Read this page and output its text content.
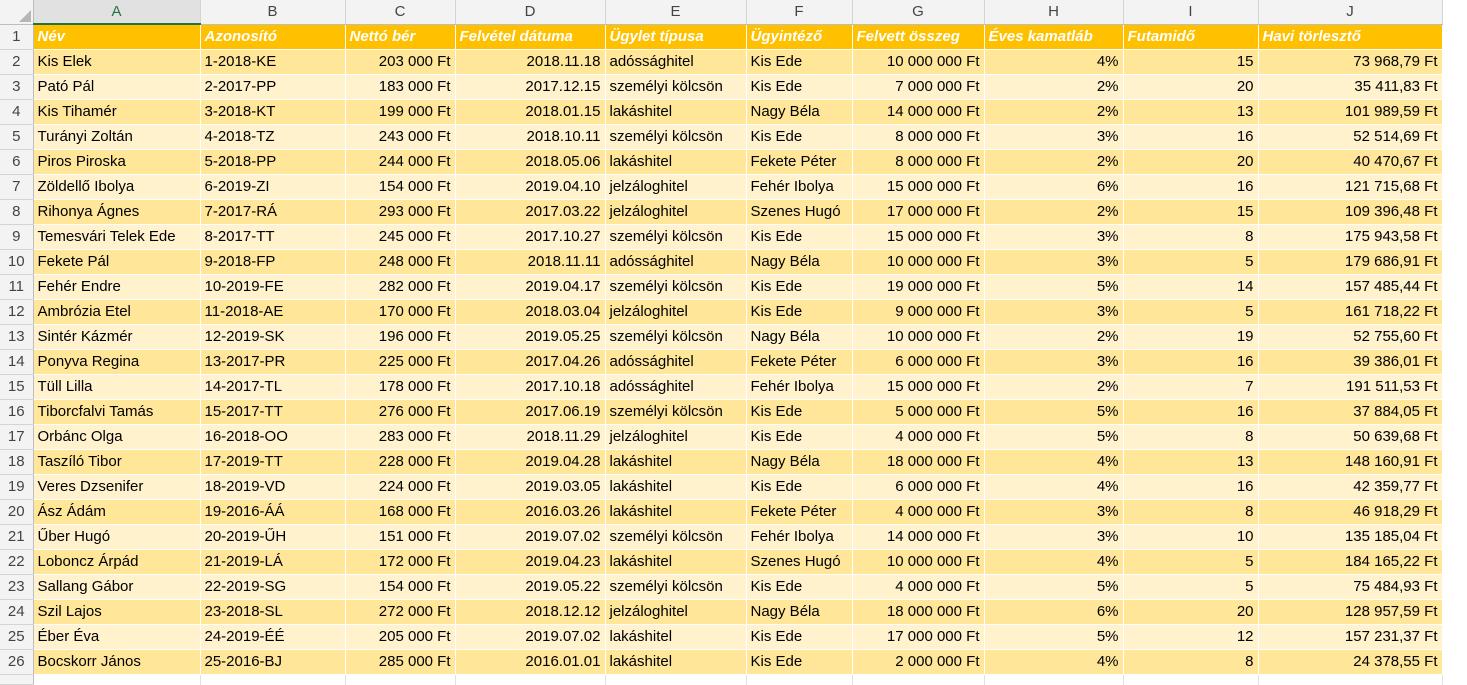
	A	B	C	D	E	F	G	H	I	J
1	Név	Azonosító	Nettó bér	Felvétel dátuma	Ügylet típusa	Ügyintéző	Felvett összeg	Éves kamatláb	Futamidő	Havi törlesztő
2	Kis Elek	1-2018-KE	203 000 Ft	2018.11.18	adóssághitel	Kis Ede	10 000 000 Ft	4%	15	73 968,79 Ft
3	Pató Pál	2-2017-PP	183 000 Ft	2017.12.15	személyi kölcsön	Kis Ede	7 000 000 Ft	2%	20	35 411,83 Ft
4	Kis Tihamér	3-2018-KT	199 000 Ft	2018.01.15	lakáshitel	Nagy Béla	14 000 000 Ft	2%	13	101 989,59 Ft
5	Turányi Zoltán	4-2018-TZ	243 000 Ft	2018.10.11	személyi kölcsön	Kis Ede	8 000 000 Ft	3%	16	52 514,69 Ft
6	Piros Piroska	5-2018-PP	244 000 Ft	2018.05.06	lakáshitel	Fekete Péter	8 000 000 Ft	2%	20	40 470,67 Ft
7	Zöldellő Ibolya	6-2019-ZI	154 000 Ft	2019.04.10	jelzáloghitel	Fehér Ibolya	15 000 000 Ft	6%	16	121 715,68 Ft
8	Rihonya Ágnes	7-2017-RÁ	293 000 Ft	2017.03.22	jelzáloghitel	Szenes Hugó	17 000 000 Ft	2%	15	109 396,48 Ft
9	Temesvári Telek Ede	8-2017-TT	245 000 Ft	2017.10.27	személyi kölcsön	Kis Ede	15 000 000 Ft	3%	8	175 943,58 Ft
10	Fekete Pál	9-2018-FP	248 000 Ft	2018.11.11	adóssághitel	Nagy Béla	10 000 000 Ft	3%	5	179 686,91 Ft
11	Fehér Endre	10-2019-FE	282 000 Ft	2019.04.17	személyi kölcsön	Kis Ede	19 000 000 Ft	5%	14	157 485,44 Ft
12	Ambrózia Etel	11-2018-AE	170 000 Ft	2018.03.04	jelzáloghitel	Kis Ede	9 000 000 Ft	3%	5	161 718,22 Ft
13	Sintér Kázmér	12-2019-SK	196 000 Ft	2019.05.25	személyi kölcsön	Nagy Béla	10 000 000 Ft	2%	19	52 755,60 Ft
14	Ponyva Regina	13-2017-PR	225 000 Ft	2017.04.26	adóssághitel	Fekete Péter	6 000 000 Ft	3%	16	39 386,01 Ft
15	Tüll Lilla	14-2017-TL	178 000 Ft	2017.10.18	adóssághitel	Fehér Ibolya	15 000 000 Ft	2%	7	191 511,53 Ft
16	Tiborcfalvi Tamás	15-2017-TT	276 000 Ft	2017.06.19	személyi kölcsön	Kis Ede	5 000 000 Ft	5%	16	37 884,05 Ft
17	Orbánc Olga	16-2018-OO	283 000 Ft	2018.11.29	jelzáloghitel	Kis Ede	4 000 000 Ft	5%	8	50 639,68 Ft
18	Taszíló Tibor	17-2019-TT	228 000 Ft	2019.04.28	lakáshitel	Nagy Béla	18 000 000 Ft	4%	13	148 160,91 Ft
19	Veres Dzsenifer	18-2019-VD	224 000 Ft	2019.03.05	lakáshitel	Kis Ede	6 000 000 Ft	4%	16	42 359,77 Ft
20	Ász Ádám	19-2016-ÁÁ	168 000 Ft	2016.03.26	lakáshitel	Fekete Péter	4 000 000 Ft	3%	8	46 918,29 Ft
21	Űber Hugó	20-2019-ŰH	151 000 Ft	2019.07.02	személyi kölcsön	Fehér Ibolya	14 000 000 Ft	3%	10	135 185,04 Ft
22	Loboncz Árpád	21-2019-LÁ	172 000 Ft	2019.04.23	lakáshitel	Szenes Hugó	10 000 000 Ft	4%	5	184 165,22 Ft
23	Sallang Gábor	22-2019-SG	154 000 Ft	2019.05.22	személyi kölcsön	Kis Ede	4 000 000 Ft	5%	5	75 484,93 Ft
24	Szil Lajos	23-2018-SL	272 000 Ft	2018.12.12	jelzáloghitel	Nagy Béla	18 000 000 Ft	6%	20	128 957,59 Ft
25	Éber Éva	24-2019-ÉÉ	205 000 Ft	2019.07.02	lakáshitel	Kis Ede	17 000 000 Ft	5%	12	157 231,37 Ft
26	Bocskorr János	25-2016-BJ	285 000 Ft	2016.01.01	lakáshitel	Kis Ede	2 000 000 Ft	4%	8	24 378,55 Ft
